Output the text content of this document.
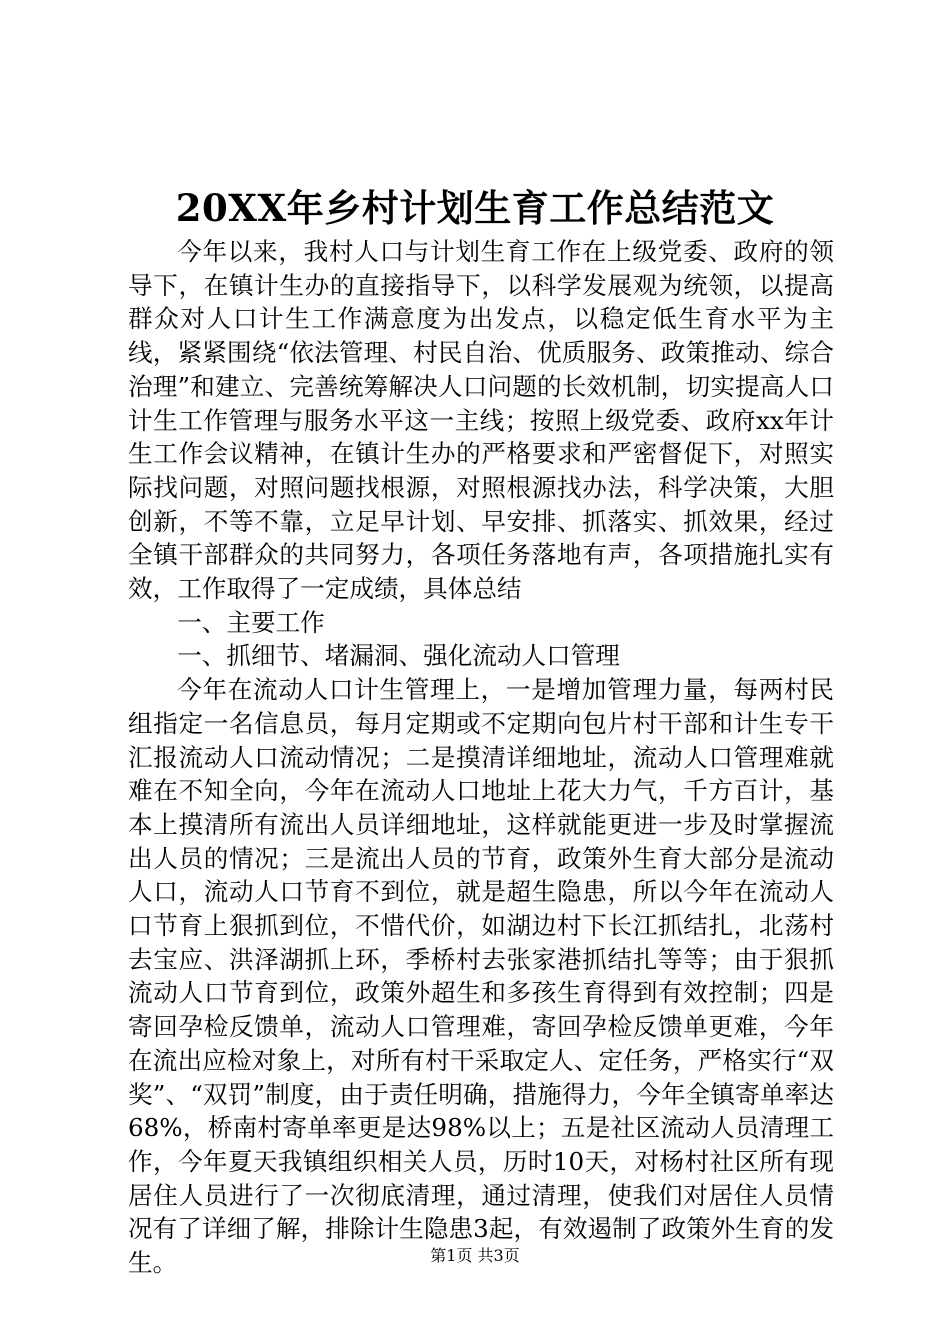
20XX年乡村计划生育工作总结范文

今年以来，我村人口与计划生育工作在上级党委、政府的领导下，在镇计生办的直接指导下，以科学发展观为统领，以提高群众对人口计生工作满意度为出发点，以稳定低生育水平为主线，紧紧围绕“依法管理、村民自治、优质服务、政策推动、综合治理”和建立、完善统筹解决人口问题的长效机制，切实提高人口计生工作管理与服务水平这一主线；按照上级党委、政府xx年计生工作会议精神，在镇计生办的严格要求和严密督促下，对照实际找问题，对照问题找根源，对照根源找办法，科学决策，大胆创新，不等不靠，立足早计划、早安排、抓落实、抓效果，经过全镇干部群众的共同努力，各项任务落地有声，各项措施扎实有效，工作取得了一定成绩，具体总结

一、主要工作

一、抓细节、堵漏洞、强化流动人口管理

今年在流动人口计生管理上，一是增加管理力量，每两村民组指定一名信息员，每月定期或不定期向包片村干部和计生专干汇报流动人口流动情况；二是摸清详细地址，流动人口管理难就难在不知全向，今年在流动人口地址上花大力气，千方百计，基本上摸清所有流出人员详细地址，这样就能更进一步及时掌握流出人员的情况；三是流出人员的节育，政策外生育大部分是流动人口，流动人口节育不到位，就是超生隐患，所以今年在流动人口节育上狠抓到位，不惜代价，如湖边村下长江抓结扎，北荡村去宝应、洪泽湖抓上环，季桥村去张家港抓结扎等等；由于狠抓流动人口节育到位，政策外超生和多孩生育得到有效控制；四是寄回孕检反馈单，流动人口管理难，寄回孕检反馈单更难，今年在流出应检对象上，对所有村干采取定人、定任务，严格实行“双奖”、“双罚”制度，由于责任明确，措施得力，今年全镇寄单率达68%，桥南村寄单率更是达98%以上；五是社区流动人员清理工作，今年夏天我镇组织相关人员，历时10天，对杨村社区所有现居住人员进行了一次彻底清理，通过清理，使我们对居住人员情况有了详细了解，排除计生隐患3起，有效遏制了政策外生育的发生。	第1页 共3页
